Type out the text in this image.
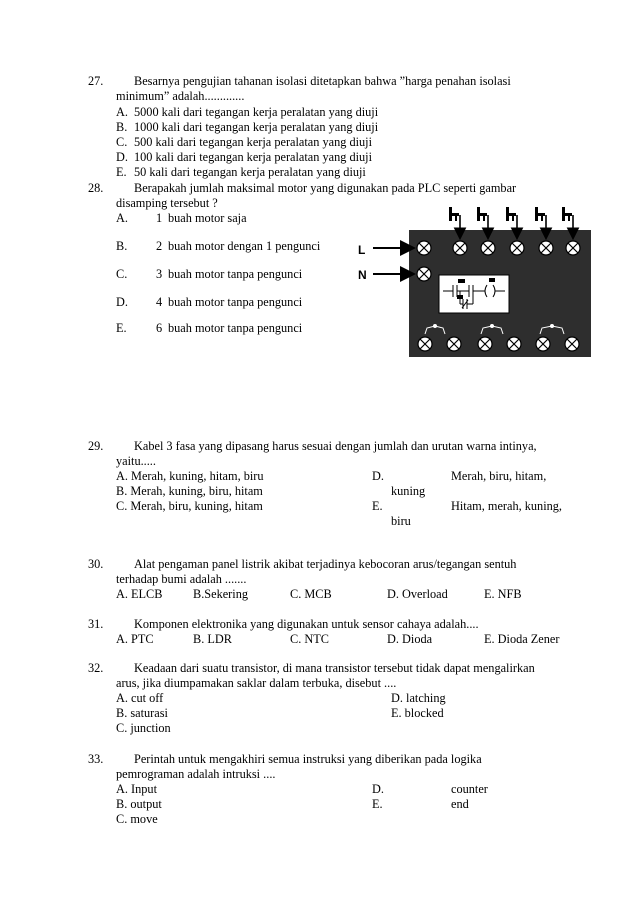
27. Besarnya pengujian tahanan isolasi ditetapkan bahwa ”harga penahan isolasi
minimum” adalah.............
A. 5000 kali dari tegangan kerja peralatan yang diuji
B. 1000 kali dari tegangan kerja peralatan yang diuji
C. 500 kali dari tegangan kerja peralatan yang diuji
D. 100 kali dari tegangan kerja peralatan yang diuji
E. 50 kali dari tegangan kerja peralatan yang diuji
28. Berapakah jumlah maksimal motor yang digunakan pada PLC seperti gambar
disamping tersebut ?
A. 1 buah motor saja
B. 2 buah motor dengan 1 pengunci
C. 3 buah motor tanpa pengunci
D. 4 buah motor tanpa pengunci
E. 6 buah motor tanpa pengunci
L
N
29. Kabel 3 fasa yang dipasang harus sesuai dengan jumlah dan urutan warna intinya,
yaitu.....
A. Merah, kuning, hitam, biru
B. Merah, kuning, biru, hitam
C. Merah, biru, kuning, hitam
D.	Merah, biru, hitam,
kuning
E.	Hitam, merah, kuning,
biru
30. Alat pengaman panel listrik akibat terjadinya kebocoran arus/tegangan sentuh
terhadap bumi adalah .......
A. ELCB B.Sekering	C. MCB	D. Overload	E. NFB
31. Komponen elektronika yang digunakan untuk sensor cahaya adalah....
A. PTC	B. LDR	C. NTC	D. Dioda	E. Dioda Zener
32. Keadaan dari suatu transistor, di mana transistor tersebut tidak dapat mengalirkan
arus, jika diumpamakan saklar dalam terbuka, disebut ....
A. cut off
B. saturasi
C. junction
D. latching
E. blocked
33. Perintah untuk mengakhiri semua instruksi yang diberikan pada logika
pemrograman adalah intruksi ....
A. Input
B. output
C. move
D.	counter
E.	end
